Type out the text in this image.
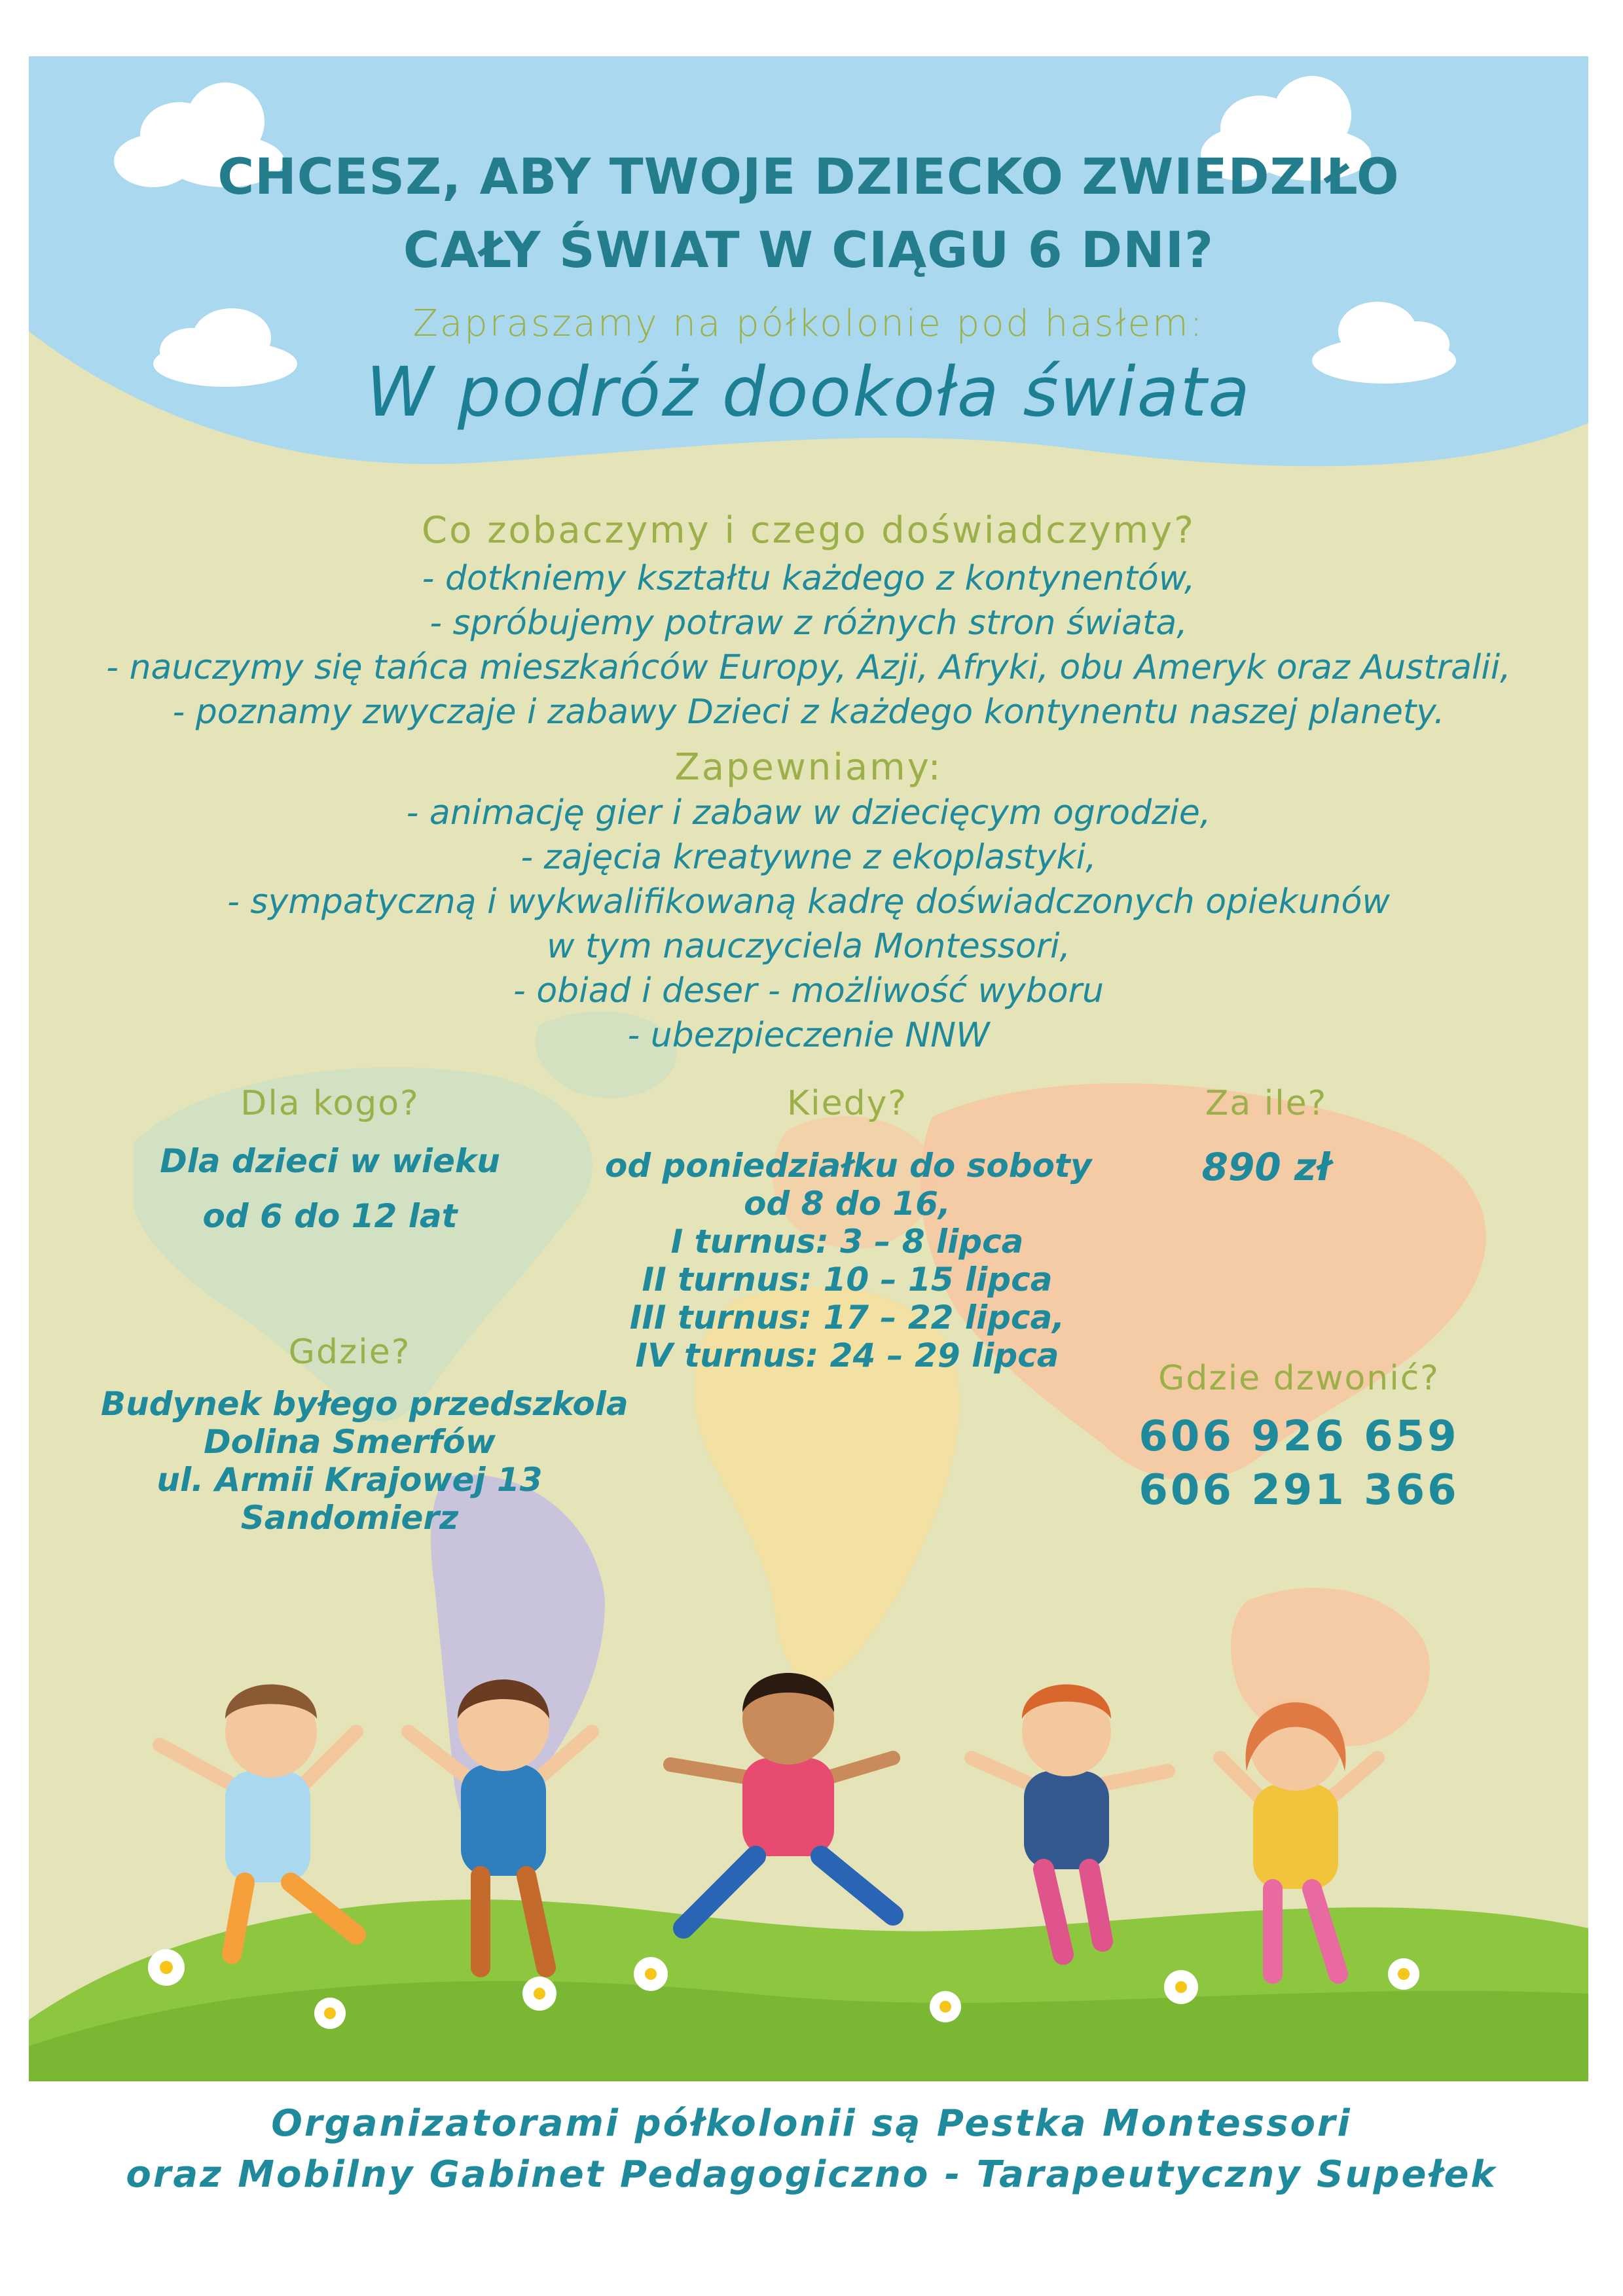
CHCESZ, ABY TWOJE DZIECKO ZWIEDZIŁO
CAŁY ŚWIAT W CIĄGU 6 DNI?
Zapraszamy na półkolonie pod hasłem:
W podróż dookoła świata
Co zobaczymy i czego doświadczymy?
- dotkniemy kształtu każdego z kontynentów,
- spróbujemy potraw z różnych stron świata,
- nauczymy się tańca mieszkańców Europy, Azji, Afryki, obu Ameryk oraz Australii,
- poznamy zwyczaje i zabawy Dzieci z każdego kontynentu naszej planety.
Zapewniamy:
- animację gier i zabaw w dziecięcym ogrodzie,
- zajęcia kreatywne z ekoplastyki,
- sympatyczną i wykwalifikowaną kadrę doświadczonych opiekunów
w tym nauczyciela Montessori,
- obiad i deser - możliwość wyboru
- ubezpieczenie NNW
Dla kogo?
Dla dzieci w wieku
od 6 do 12 lat
Kiedy?
od poniedziałku do soboty
od 8 do 16,
I turnus: 3 – 8 lipca
II turnus: 10 – 15 lipca
III turnus: 17 – 22 lipca,
IV turnus: 24 – 29 lipca
Za ile?
890 zł
Gdzie?
Budynek byłego przedszkola
Dolina Smerfów
ul. Armii Krajowej 13
Sandomierz
Gdzie dzwonić?
606 926 659
606 291 366
Organizatorami półkolonii są Pestka Montessori
oraz Mobilny Gabinet Pedagogiczno - Tarapeutyczny Supełek
